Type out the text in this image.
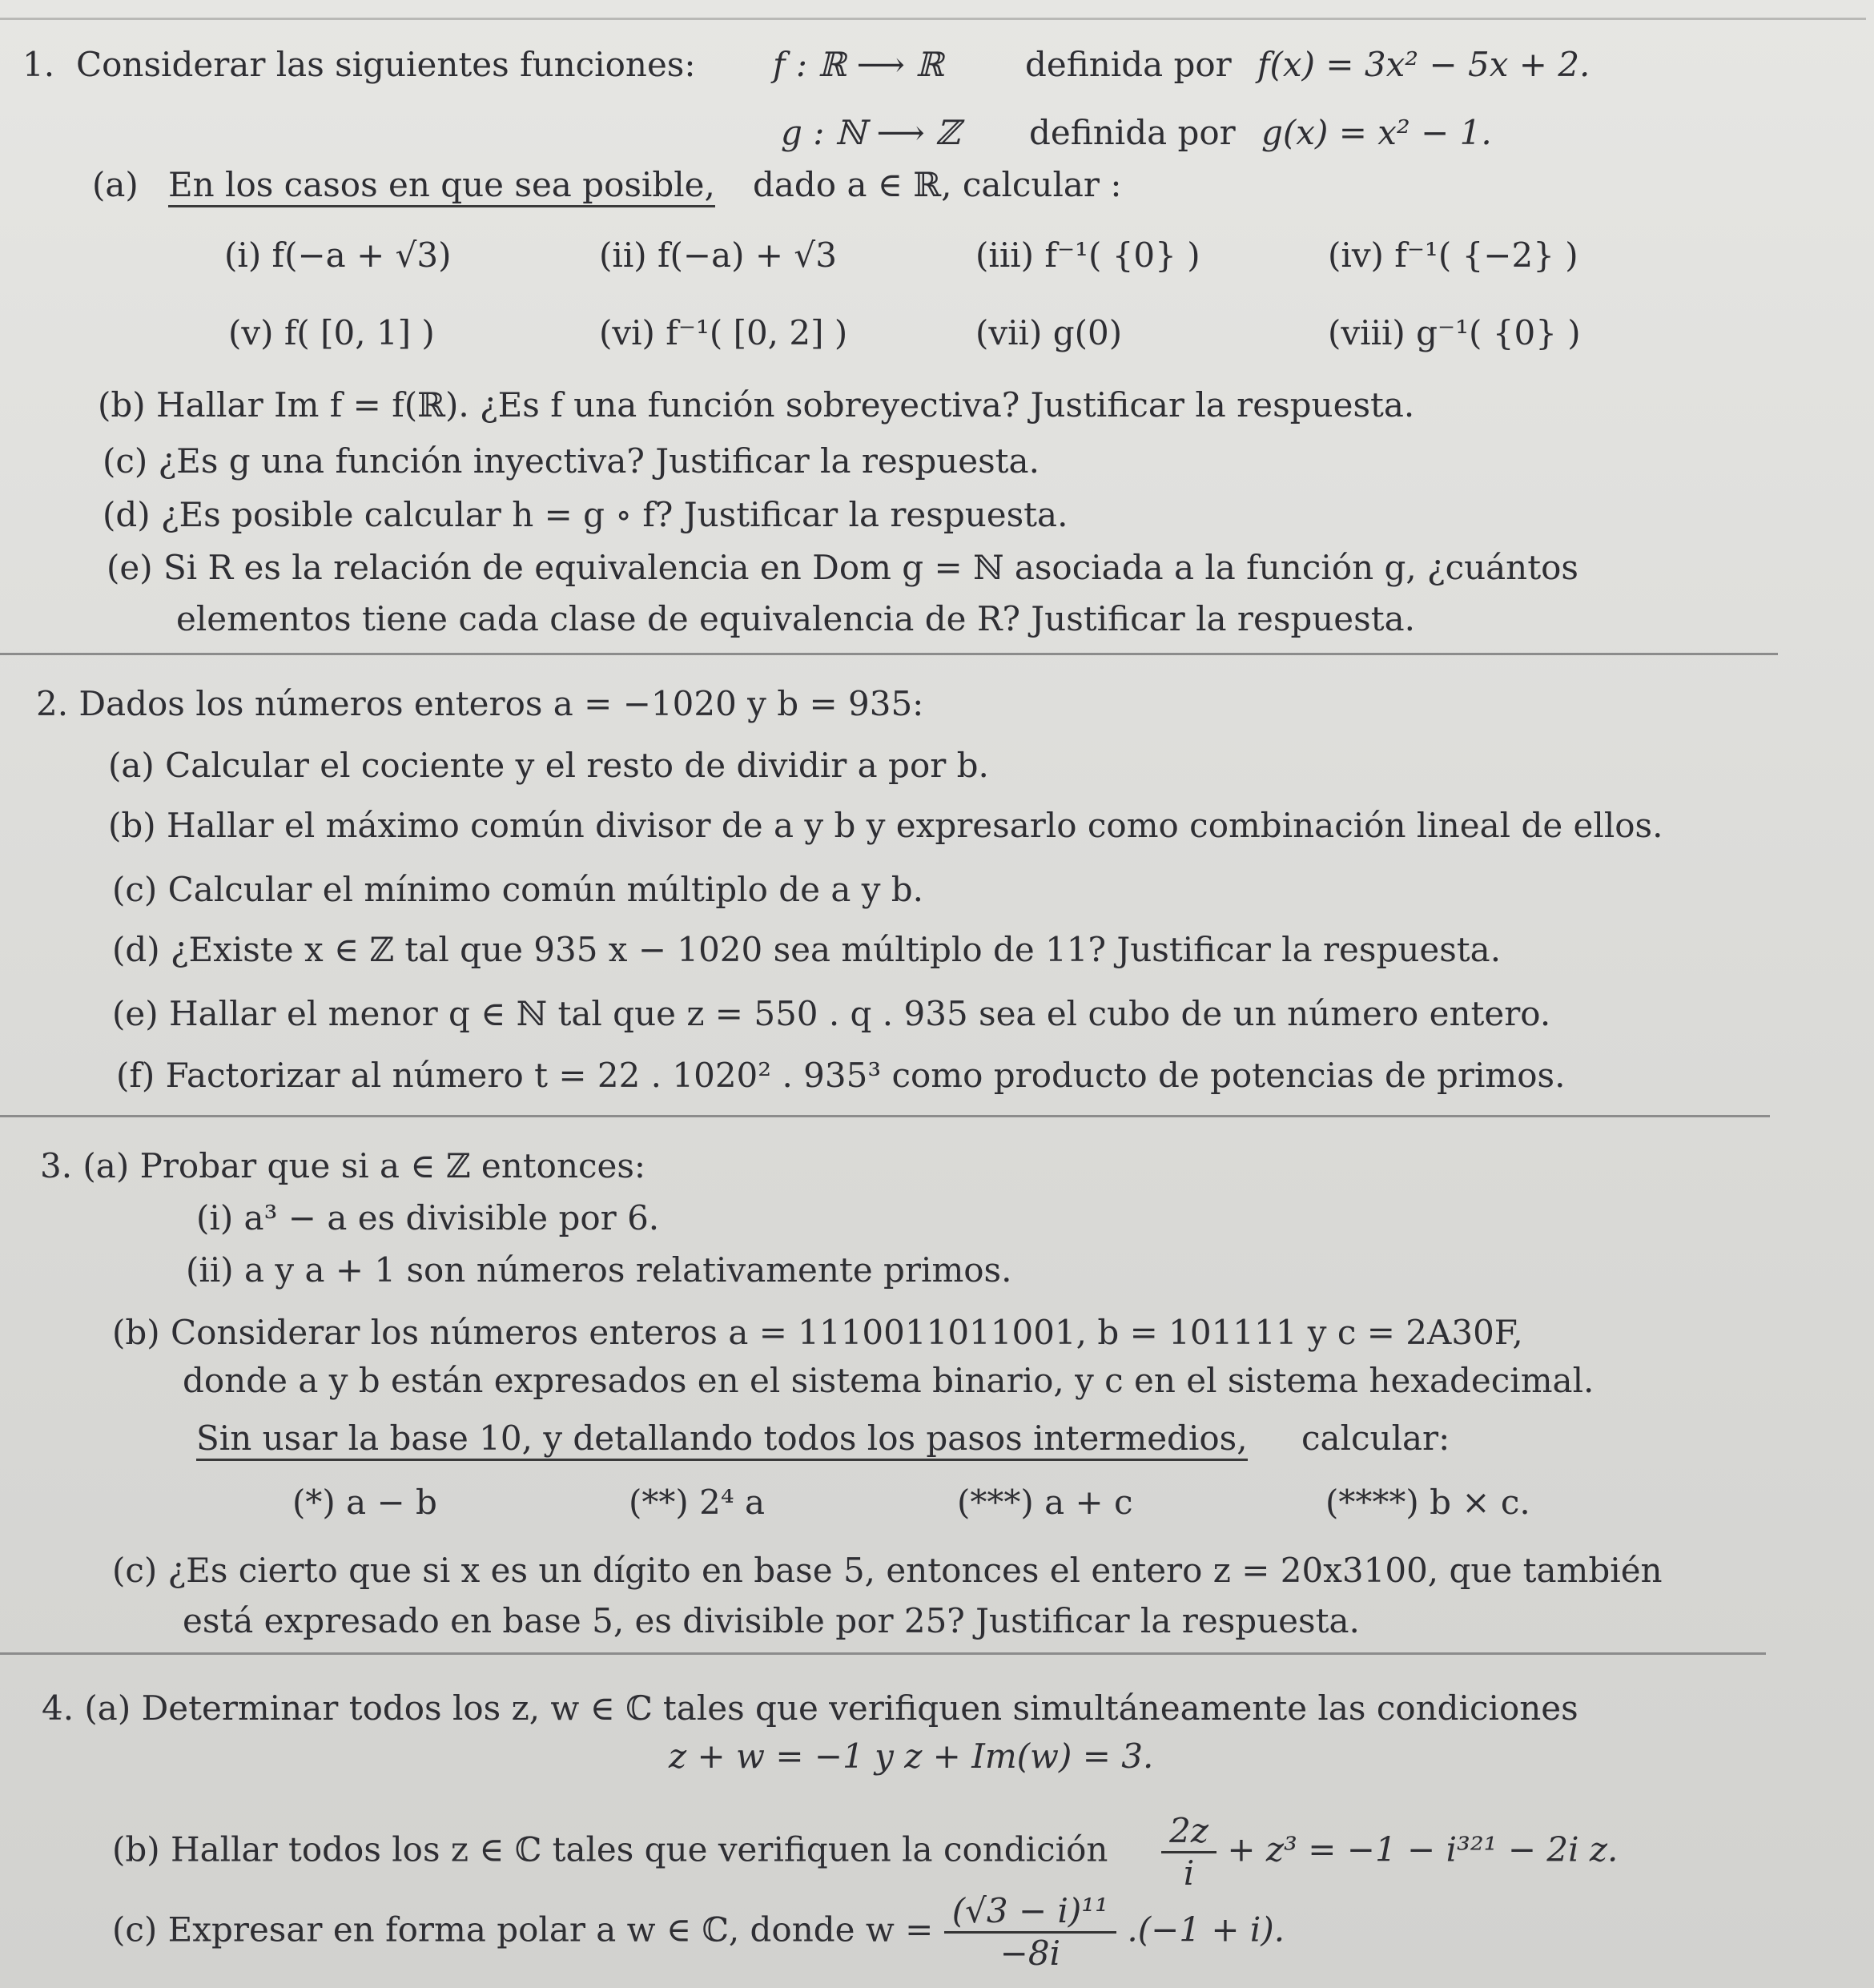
1. Considerar las siguientes funciones: f : ℝ ⟶ ℝ definida por f(x) = 3x² − 5x + 2.
g : ℕ ⟶ ℤ definida por g(x) = x² − 1.
(a) En los casos en que sea posible, dado a ∈ ℝ, calcular :
(i) f(−a + √3)	(ii) f(−a) + √3	(iii) f⁻¹( {0} )	(iv) f⁻¹( {−2} )
(v) f( [0, 1] )	(vi) f⁻¹( [0, 2] )	(vii) g(0)	(viii) g⁻¹( {0} )
(b) Hallar Im f = f(ℝ). ¿Es f una función sobreyectiva? Justificar la respuesta.
(c) ¿Es g una función inyectiva? Justificar la respuesta.
(d) ¿Es posible calcular h = g ∘ f? Justificar la respuesta.
(e) Si R es la relación de equivalencia en Dom g = ℕ asociada a la función g, ¿cuántos
elementos tiene cada clase de equivalencia de R? Justificar la respuesta.
2. Dados los números enteros a = −1020 y b = 935:
(a) Calcular el cociente y el resto de dividir a por b.
(b) Hallar el máximo común divisor de a y b y expresarlo como combinación lineal de ellos.
(c) Calcular el mínimo común múltiplo de a y b.
(d) ¿Existe x ∈ ℤ tal que 935 x − 1020 sea múltiplo de 11? Justificar la respuesta.
(e) Hallar el menor q ∈ ℕ tal que z = 550 . q . 935 sea el cubo de un número entero.
(f) Factorizar al número t = 22 . 1020² . 935³ como producto de potencias de primos.
3. (a) Probar que si a ∈ ℤ entonces:
(i) a³ − a es divisible por 6.
(ii) a y a + 1 son números relativamente primos.
(b) Considerar los números enteros a = 1110011011001, b = 101111 y c = 2A30F,
donde a y b están expresados en el sistema binario, y c en el sistema hexadecimal.
Sin usar la base 10, y detallando todos los pasos intermedios, calcular:
(*) a − b	(**) 2⁴ a	(***) a + c	(****) b × c.
(c) ¿Es cierto que si x es un dígito en base 5, entonces el entero z = 20x3100, que también
está expresado en base 5, es divisible por 25? Justificar la respuesta.
4. (a) Determinar todos los z, w ∈ ℂ tales que verifiquen simultáneamente las condiciones
z + w = −1 y z + Im(w) = 3.
(b) Hallar todos los z ∈ ℂ tales que verifiquen la condición $\frac{2z}{i} + z^3 = -1 - i^{321} - 2i$ z.
(c) Expresar en forma polar a w ∈ ℂ, donde $w = \frac{\text{(√3 − i)¹¹}}{-8i} .(-1 + i)$.
